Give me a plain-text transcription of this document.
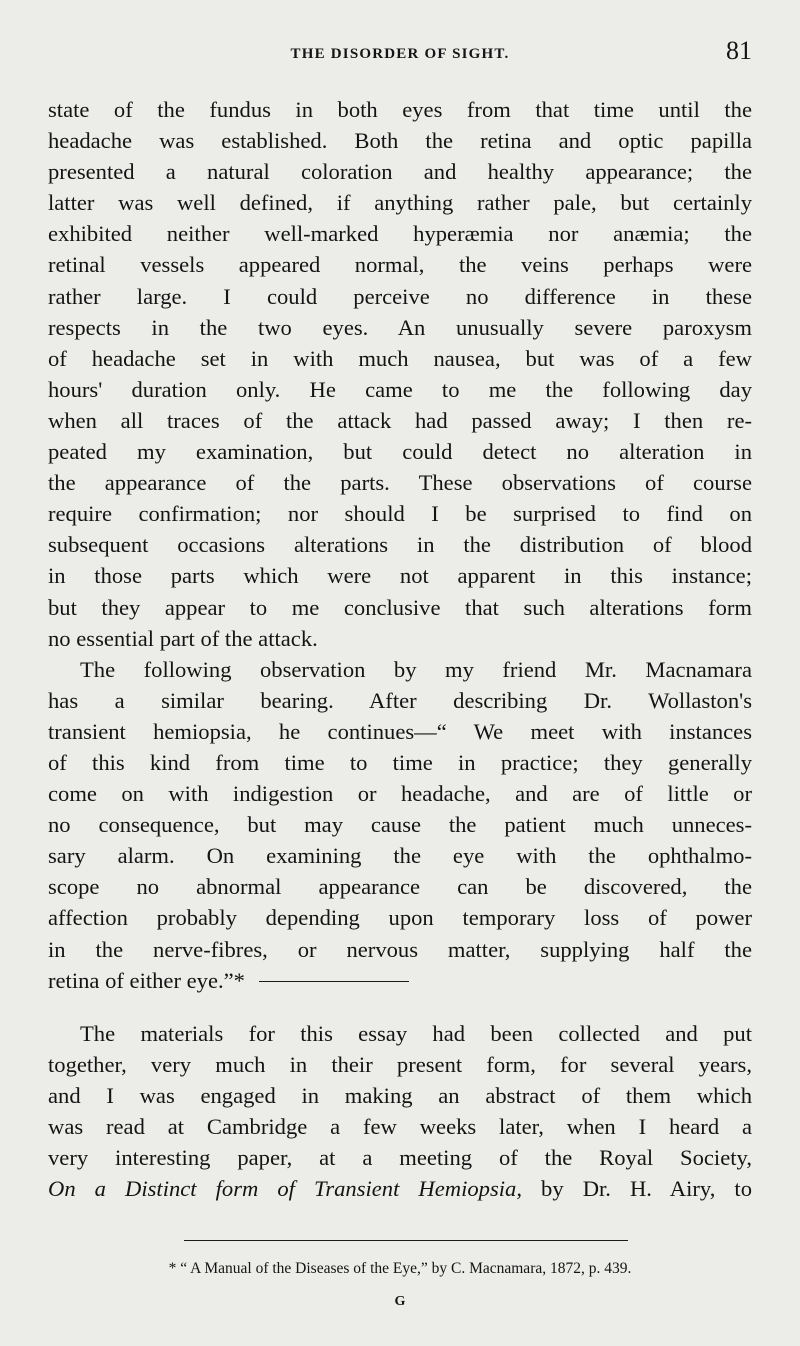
THE DISORDER OF SIGHT.	81
state of the fundus in both eyes from that time until the
headache was established. Both the retina and optic papilla
presented a natural coloration and healthy appearance; the
latter was well defined, if anything rather pale, but certainly
exhibited neither well-marked hyperæmia nor anæmia; the
retinal vessels appeared normal, the veins perhaps were
rather large. I could perceive no difference in these
respects in the two eyes. An unusually severe paroxysm
of headache set in with much nausea, but was of a few
hours' duration only. He came to me the following day
when all traces of the attack had passed away; I then re-
peated my examination, but could detect no alteration in
the appearance of the parts. These observations of course
require confirmation; nor should I be surprised to find on
subsequent occasions alterations in the distribution of blood
in those parts which were not apparent in this instance;
but they appear to me conclusive that such alterations form
no essential part of the attack.
The following observation by my friend Mr. Macnamara
has a similar bearing. After describing Dr. Wollaston's
transient hemiopsia, he continues—“ We meet with instances
of this kind from time to time in practice; they generally
come on with indigestion or headache, and are of little or
no consequence, but may cause the patient much unneces-
sary alarm. On examining the eye with the ophthalmo-
scope no abnormal appearance can be discovered, the
affection probably depending upon temporary loss of power
in the nerve-fibres, or nervous matter, supplying half the
retina of either eye.”*
The materials for this essay had been collected and put
together, very much in their present form, for several years,
and I was engaged in making an abstract of them which
was read at Cambridge a few weeks later, when I heard a
very interesting paper, at a meeting of the Royal Society,
On a Distinct form of Transient Hemiopsia, by Dr. H. Airy, to
* “ A Manual of the Diseases of the Eye,” by C. Macnamara, 1872, p. 439.
G
